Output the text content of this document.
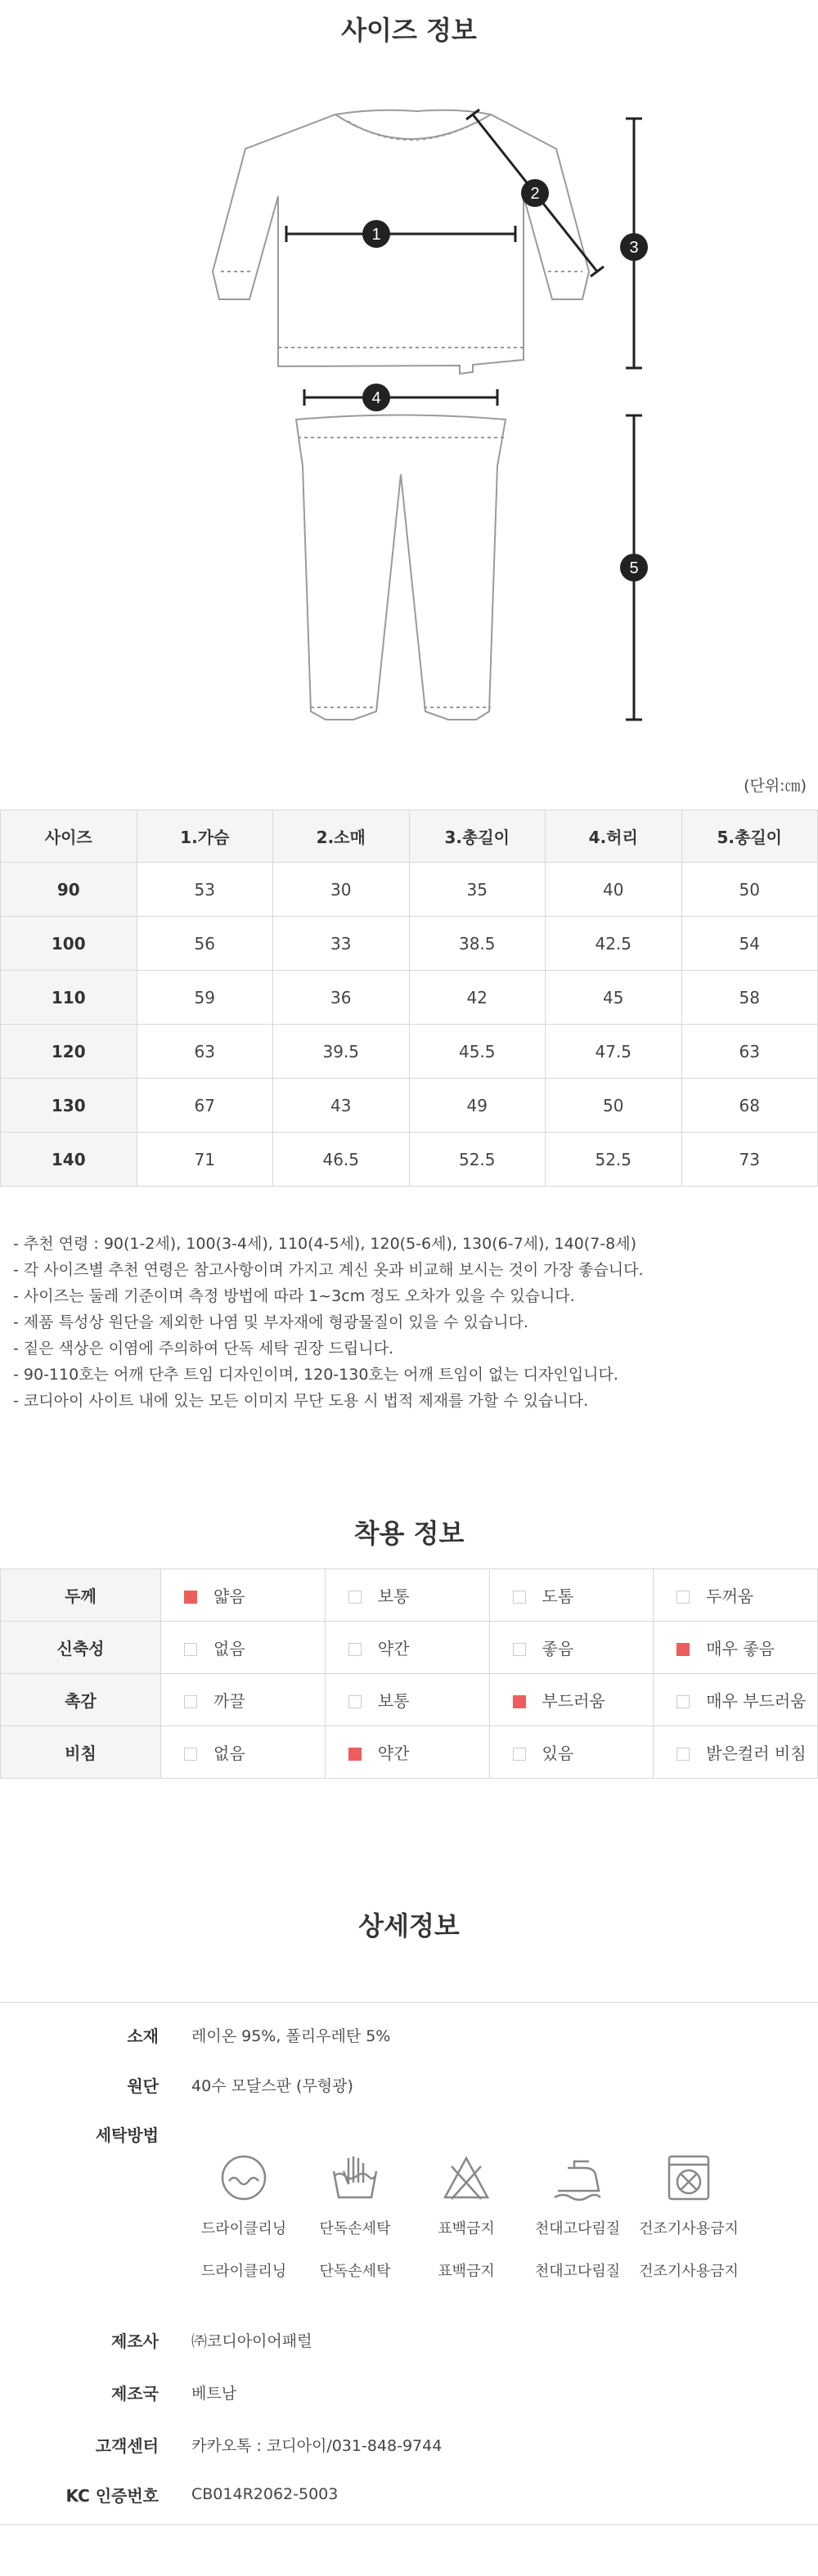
사이즈 정보
1
2
3
4
5
(단위:㎝)
사이즈	1.가슴	2.소매	3.총길이	4.허리	5.총길이
90	53	30	35	40	50
100	56	33	38.5	42.5	54
110	59	36	42	45	58
120	63	39.5	45.5	47.5	63
130	67	43	49	50	68
140	71	46.5	52.5	52.5	73
- 추천 연령 : 90(1-2세), 100(3-4세), 110(4-5세), 120(5-6세), 130(6-7세), 140(7-8세)
- 각 사이즈별 추천 연령은 참고사항이며 가지고 계신 옷과 비교해 보시는 것이 가장 좋습니다.
- 사이즈는 둘레 기준이며 측정 방법에 따라 1~3cm 정도 오차가 있을 수 있습니다.
- 제품 특성상 원단을 제외한 나염 및 부자재에 형광물질이 있을 수 있습니다.
- 짙은 색상은 이염에 주의하여 단독 세탁 권장 드립니다.
- 90-110호는 어깨 단추 트임 디자인이며, 120-130호는 어깨 트임이 없는 디자인입니다.
- 코디아이 사이트 내에 있는 모든 이미지 무단 도용 시 법적 제재를 가할 수 있습니다.
착용 정보
두께	얇음	보통	도톰	두꺼움
신축성	없음	약간	좋음	매우 좋음
촉감	까끌	보통	부드러움	매우 부드러움
비침	없음	약간	있음	밝은컬러 비침
상세정보
소재 레이온 95%, 폴리우레탄 5%
원단 40수 모달스판 (무형광)
세탁방법
드라이클리닝
드라이클리닝
단독손세탁
단독손세탁
표백금지
표백금지
천대고다림질
천대고다림질
건조기사용금지
건조기사용금지
제조사 ㈜코디아이어패럴
제조국 베트남
고객센터 카카오톡 : 코디아이/031-848-9744
KC 인증번호 CB014R2062-5003
